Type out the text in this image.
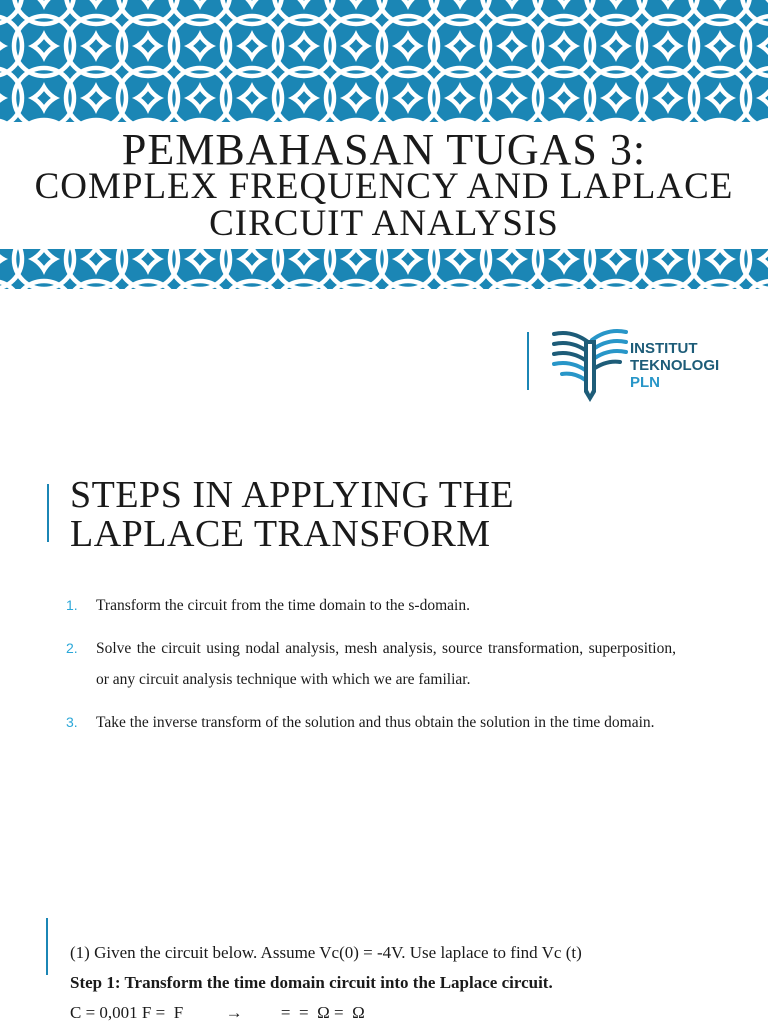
PEMBAHASAN TUGAS 3:
COMPLEX FREQUENCY AND LAPLACE
CIRCUIT ANALYSIS
INSTITUT
TEKNOLOGI
PLN
STEPS IN APPLYING THE
LAPLACE TRANSFORM
1. Transform the circuit from the time domain to the s-domain.
2. Solve the circuit using nodal analysis, mesh analysis, source transformation, superposition, or any circuit analysis technique with which we are familiar.
3. Take the inverse transform of the solution and thus obtain the solution in the time domain.
(1) Given the circuit below. Assume Vc(0) = -4V. Use laplace to find Vc (t)
Step 1: Transform the time domain circuit into the Laplace circuit.
C = 0,001 F =  F          →         =  =  Ω =  Ω
